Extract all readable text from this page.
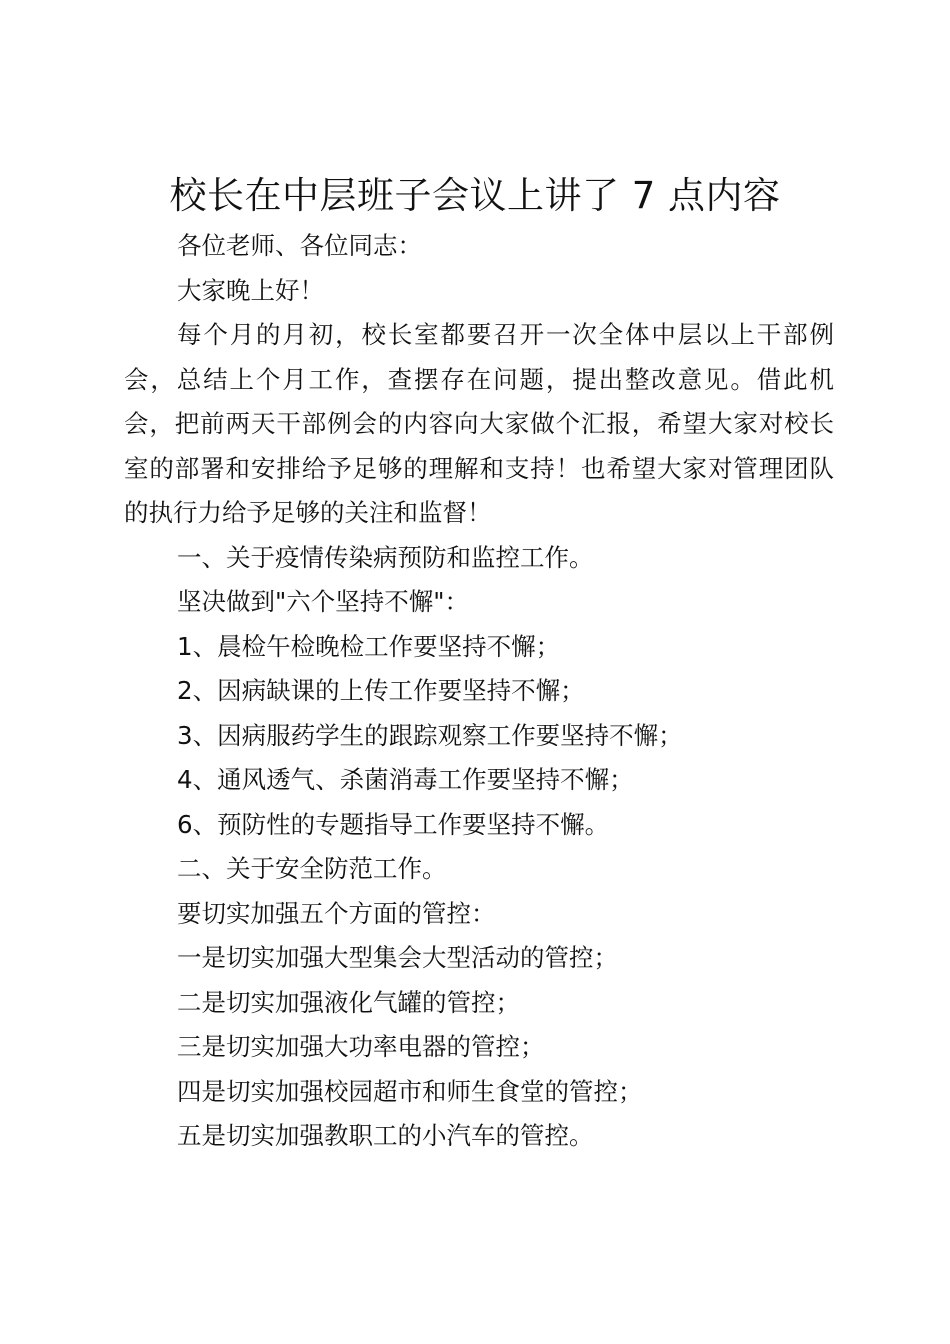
校长在中层班子会议上讲了 7 点内容

各位老师、各位同志：

大家晚上好！

每个月的月初，校长室都要召开一次全体中层以上干部例会，总结上个月工作，查摆存在问题，提出整改意见。借此机会，把前两天干部例会的内容向大家做个汇报，希望大家对校长室的部署和安排给予足够的理解和支持！也希望大家对管理团队的执行力给予足够的关注和监督！

一、关于疫情传染病预防和监控工作。

坚决做到"六个坚持不懈"：

1、晨检午检晚检工作要坚持不懈；

2、因病缺课的上传工作要坚持不懈；

3、因病服药学生的跟踪观察工作要坚持不懈；

4、通风透气、杀菌消毒工作要坚持不懈；

6、预防性的专题指导工作要坚持不懈。

二、关于安全防范工作。

要切实加强五个方面的管控：

一是切实加强大型集会大型活动的管控；

二是切实加强液化气罐的管控；

三是切实加强大功率电器的管控；

四是切实加强校园超市和师生食堂的管控；

五是切实加强教职工的小汽车的管控。
